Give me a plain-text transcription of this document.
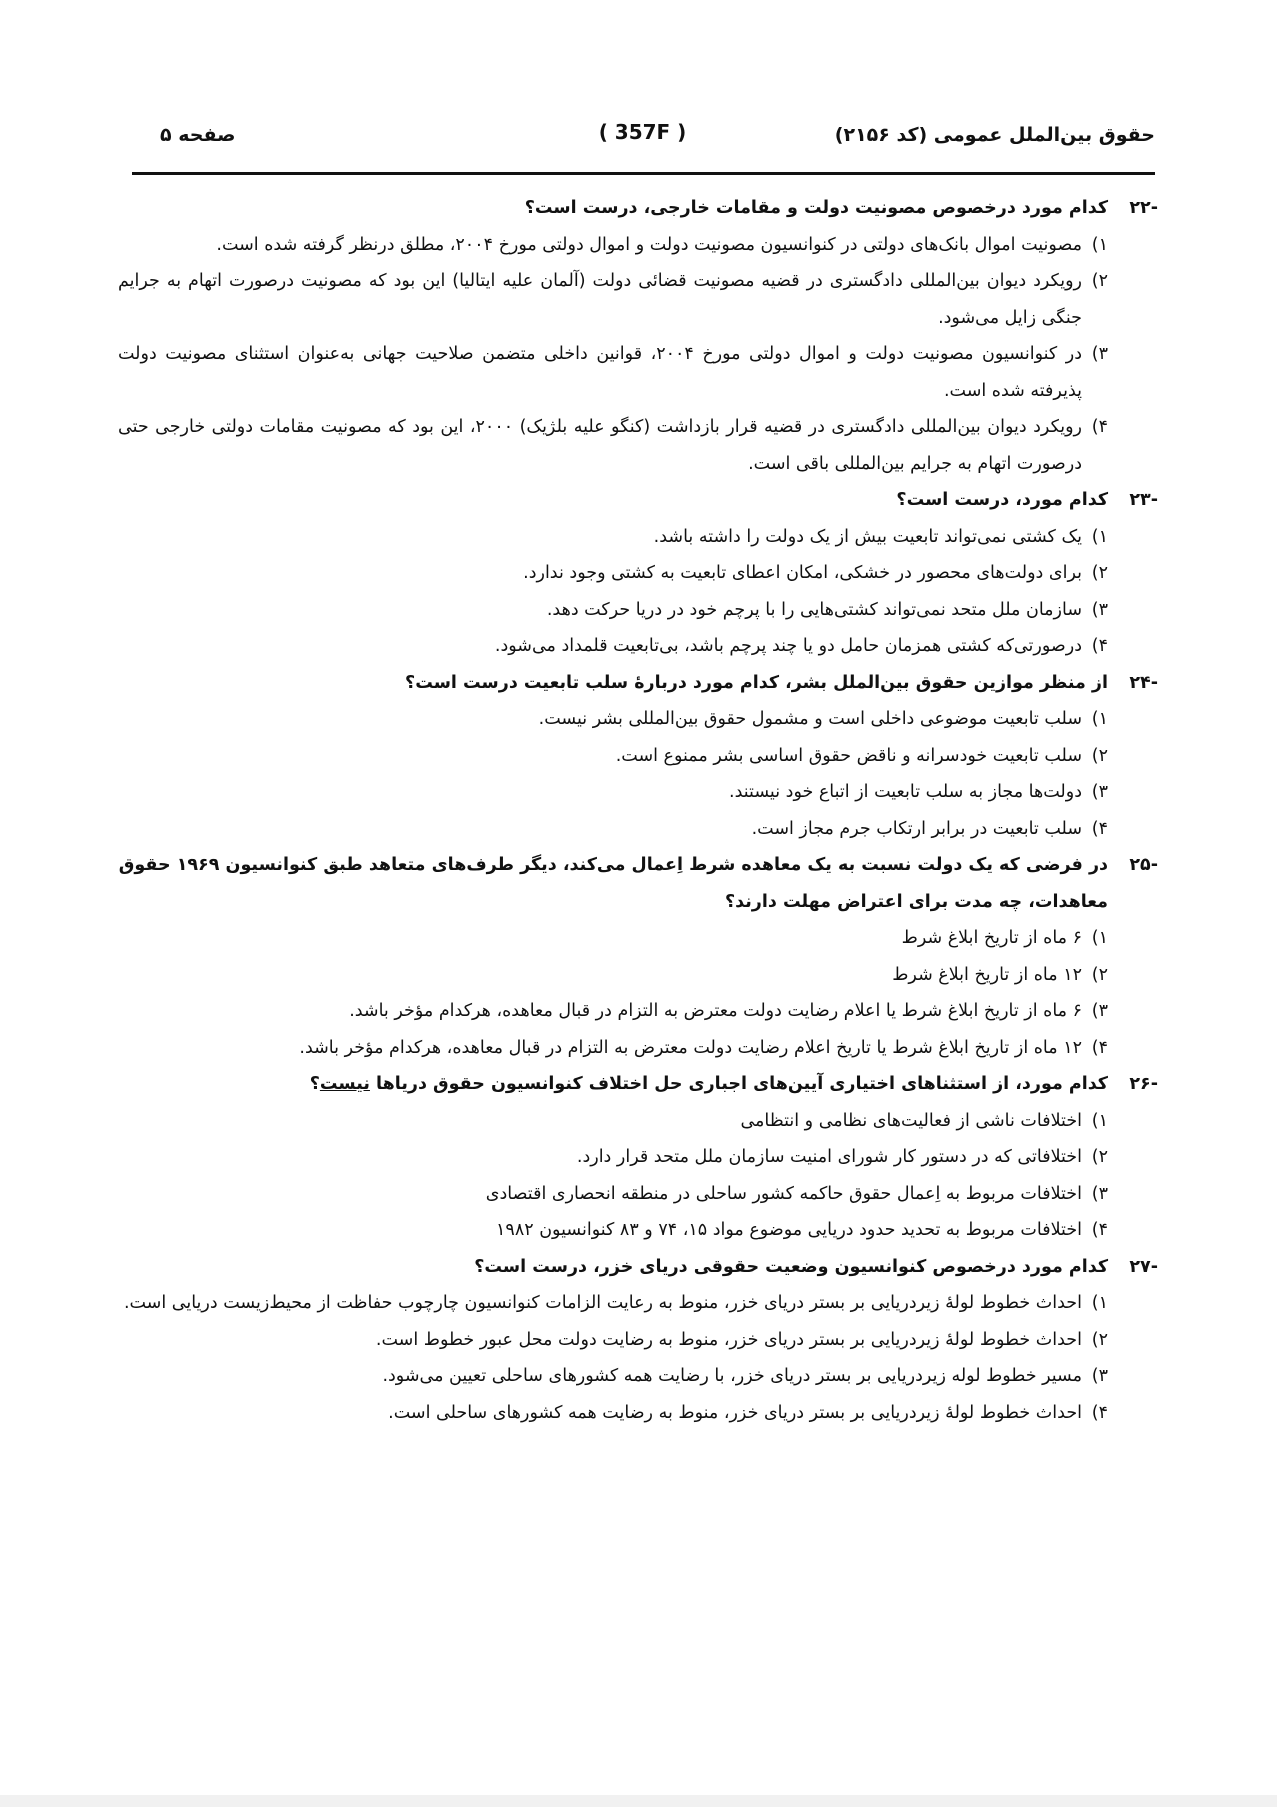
حقوق بین‌الملل عمومی (کد ۲۱۵۶)
( 357F )
صفحه ۵
-۲۲
کدام مورد درخصوص مصونیت دولت و مقامات خارجی، درست است؟
۱)
مصونیت اموال بانک‌های دولتی در کنوانسیون مصونیت دولت و اموال دولتی مورخ ۲۰۰۴، مطلق درنظر گرفته شده است.
۲)
رویکرد دیوان بین‌المللی دادگستری در قضیه مصونیت قضائی دولت (آلمان علیه ایتالیا) این بود که مصونیت درصورت اتهام به جرایم جنگی زایل می‌شود.
۳)
در کنوانسیون مصونیت دولت و اموال دولتی مورخ ۲۰۰۴، قوانین داخلی متضمن صلاحیت جهانی به‌عنوان استثنای مصونیت دولت پذیرفته شده است.
۴)
رویکرد دیوان بین‌المللی دادگستری در قضیه قرار بازداشت (کنگو علیه بلژیک) ۲۰۰۰، این بود که مصونیت مقامات دولتی خارجی حتی درصورت اتهام به جرایم بین‌المللی باقی است.
-۲۳
کدام مورد، درست است؟
۱)
یک کشتی نمی‌تواند تابعیت بیش از یک دولت را داشته باشد.
۲)
برای دولت‌های محصور در خشکی، امکان اعطای تابعیت به کشتی وجود ندارد.
۳)
سازمان ملل متحد نمی‌تواند کشتی‌هایی را با پرچم خود در دریا حرکت دهد.
۴)
درصورتی‌که کشتی همزمان حامل دو یا چند پرچم باشد، بی‌تابعیت قلمداد می‌شود.
-۲۴
از منظر موازین حقوق بین‌الملل بشر، کدام مورد دربارهٔ سلب تابعیت درست است؟
۱)
سلب تابعیت موضوعی داخلی است و مشمول حقوق بین‌المللی بشر نیست.
۲)
سلب تابعیت خودسرانه و ناقض حقوق اساسی بشر ممنوع است.
۳)
دولت‌ها مجاز به سلب تابعیت از اتباع خود نیستند.
۴)
سلب تابعیت در برابر ارتکاب جرم مجاز است.
-۲۵
در فرضی که یک دولت نسبت به یک معاهده شرط اِعمال می‌کند، دیگر طرف‌های متعاهد طبق کنوانسیون ۱۹۶۹ حقوق معاهدات، چه مدت برای اعتراض مهلت دارند؟
۱)
۶ ماه از تاریخ ابلاغ شرط
۲)
۱۲ ماه از تاریخ ابلاغ شرط
۳)
۶ ماه از تاریخ ابلاغ شرط یا اعلام رضایت دولت معترض به التزام در قبال معاهده، هرکدام مؤخر باشد.
۴)
۱۲ ماه از تاریخ ابلاغ شرط یا تاریخ اعلام رضایت دولت معترض به التزام در قبال معاهده، هرکدام مؤخر باشد.
-۲۶
کدام مورد، از استثناهای اختیاری آیین‌های اجباری حل اختلاف کنوانسیون حقوق دریاها نیست؟
۱)
اختلافات ناشی از فعالیت‌های نظامی و انتظامی
۲)
اختلافاتی که در دستور کار شورای امنیت سازمان ملل متحد قرار دارد.
۳)
اختلافات مربوط به اِعمال حقوق حاکمه کشور ساحلی در منطقه انحصاری اقتصادی
۴)
اختلافات مربوط به تحدید حدود دریایی موضوع مواد ۱۵، ۷۴ و ۸۳ کنوانسیون ۱۹۸۲
-۲۷
کدام مورد درخصوص کنوانسیون وضعیت حقوقی دریای خزر، درست است؟
۱)
احداث خطوط لولهٔ زیردریایی بر بستر دریای خزر، منوط به رعایت الزامات کنوانسیون چارچوب حفاظت از محیط‌زیست دریایی است.
۲)
احداث خطوط لولهٔ زیردریایی بر بستر دریای خزر، منوط به رضایت دولت محل عبور خطوط است.
۳)
مسیر خطوط لوله زیردریایی بر بستر دریای خزر، با رضایت همه کشورهای ساحلی تعیین می‌شود.
۴)
احداث خطوط لولهٔ زیردریایی بر بستر دریای خزر، منوط به رضایت همه کشورهای ساحلی است.
